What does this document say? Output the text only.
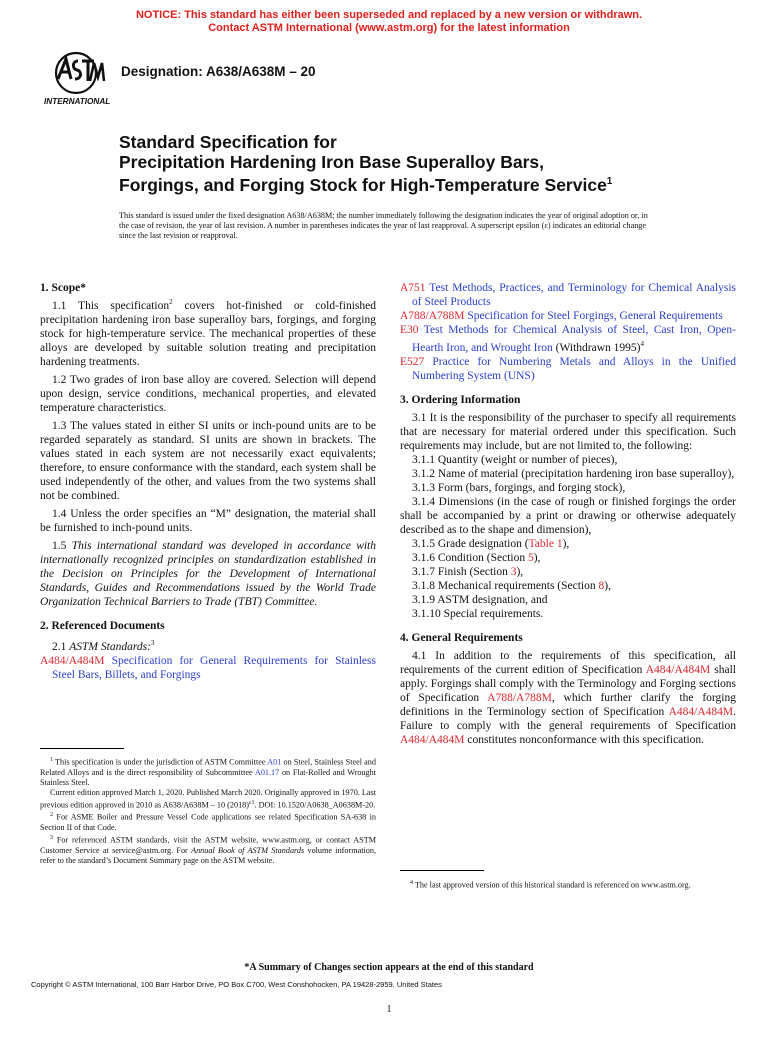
NOTICE: This standard has either been superseded and replaced by a new version or withdrawn.
Contact ASTM International (www.astm.org) for the latest information
INTERNATIONAL
Designation: A638/A638M – 20
Standard Specification for
Precipitation Hardening Iron Base Superalloy Bars,
Forgings, and Forging Stock for High-Temperature Service$^1$

This standard is issued under the fixed designation A638/A638M; the number immediately following the designation indicates the year of original adoption or, in the case of revision, the year of last revision. A number in parentheses indicates the year of last reapproval. A superscript epsilon (ε) indicates an editorial change since the last revision or reapproval.

1. Scope*

1.1 This specification$^2$ covers hot-finished or cold-finished precipitation hardening iron base superalloy bars, forgings, and forging stock for high-temperature service. The mechanical properties of these alloys are developed by suitable solution treating and precipitation hardening treatments.

1.2 Two grades of iron base alloy are covered. Selection will depend upon design, service conditions, mechanical properties, and elevated temperature characteristics.

1.3 The values stated in either SI units or inch-pound units are to be regarded separately as standard. SI units are shown in brackets. The values stated in each system are not necessarily exact equivalents; therefore, to ensure conformance with the standard, each system shall be used independently of the other, and values from the two systems shall not be combined.

1.4 Unless the order specifies an “M” designation, the material shall be furnished to inch-pound units.

1.5 This international standard was developed in accordance with internationally recognized principles on standardization established in the Decision on Principles for the Development of International Standards, Guides and Recommendations issued by the World Trade Organization Technical Barriers to Trade (TBT) Committee.

2. Referenced Documents

2.1 ASTM Standards:$^3$

A484/A484M Specification for General Requirements for Stainless Steel Bars, Billets, and Forgings

$^1$ This specification is under the jurisdiction of ASTM Committee A01 on Steel, Stainless Steel and Related Alloys and is the direct responsibility of Subcommittee A01.17 on Flat-Rolled and Wrought Stainless Steel.

Current edition approved March 1, 2020. Published March 2020. Originally approved in 1970. Last previous edition approved in 2010 as A638/A638M – 10 $(2018)^{\varepsilon 1}$. DOI: 10.1520/A0638_A0638M-20.

$^2$ For ASME Boiler and Pressure Vessel Code applications see related Specification SA-638 in Section II of that Code.

$^3$ For referenced ASTM standards, visit the ASTM website, www.astm.org, or contact ASTM Customer Service at service@astm.org. For Annual Book of ASTM Standards volume information, refer to the standard’s Document Summary page on the ASTM website.

A751 Test Methods, Practices, and Terminology for Chemical Analysis of Steel Products

A788/A788M Specification for Steel Forgings, General Requirements

E30 Test Methods for Chemical Analysis of Steel, Cast Iron, Open-Hearth Iron, and Wrought Iron (Withdrawn 1995)$^4$

E527 Practice for Numbering Metals and Alloys in the Unified Numbering System (UNS)

3. Ordering Information

3.1 It is the responsibility of the purchaser to specify all requirements that are necessary for material ordered under this specification. Such requirements may include, but are not limited to, the following:

3.1.1 Quantity (weight or number of pieces),

3.1.2 Name of material (precipitation hardening iron base superalloy),

3.1.3 Form (bars, forgings, and forging stock),

3.1.4 Dimensions (in the case of rough or finished forgings the order shall be accompanied by a print or drawing or otherwise adequately described as to the shape and dimension),

3.1.5 Grade designation (Table 1),

3.1.6 Condition (Section 5),

3.1.7 Finish (Section 3),

3.1.8 Mechanical requirements (Section 8),

3.1.9 ASTM designation, and

3.1.10 Special requirements.

4. General Requirements

4.1 In addition to the requirements of this specification, all requirements of the current edition of Specification A484/A484M shall apply. Forgings shall comply with the Terminology and Forging sections of Specification A788/A788M, which further clarify the forging definitions in the Terminology section of Specification A484/A484M. Failure to comply with the general requirements of Specification A484/A484M constitutes nonconformance with this specification.

$^4$ The last approved version of this historical standard is referenced on www.astm.org.

*A Summary of Changes section appears at the end of this standard
Copyright © ASTM International, 100 Barr Harbor Drive, PO Box C700, West Conshohocken, PA 19428-2959. United States
1
